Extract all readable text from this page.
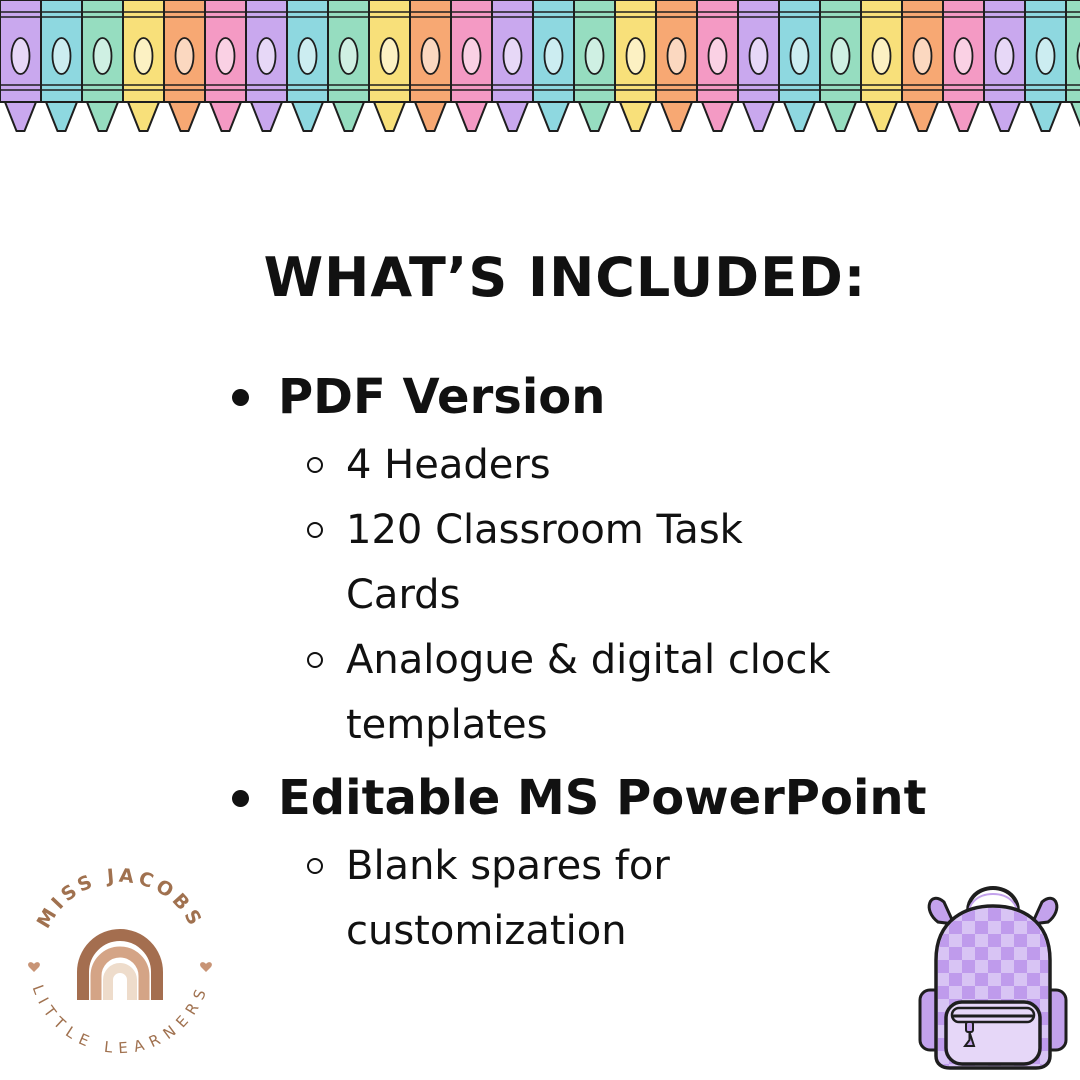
WHAT’S INCLUDED:
PDF Version
4 Headers
120 Classroom Task Cards
Analogue & digital clock templates
Editable MS PowerPoint
Blank spares for customization
MISS JACOBS
LITTLE LEARNERS
